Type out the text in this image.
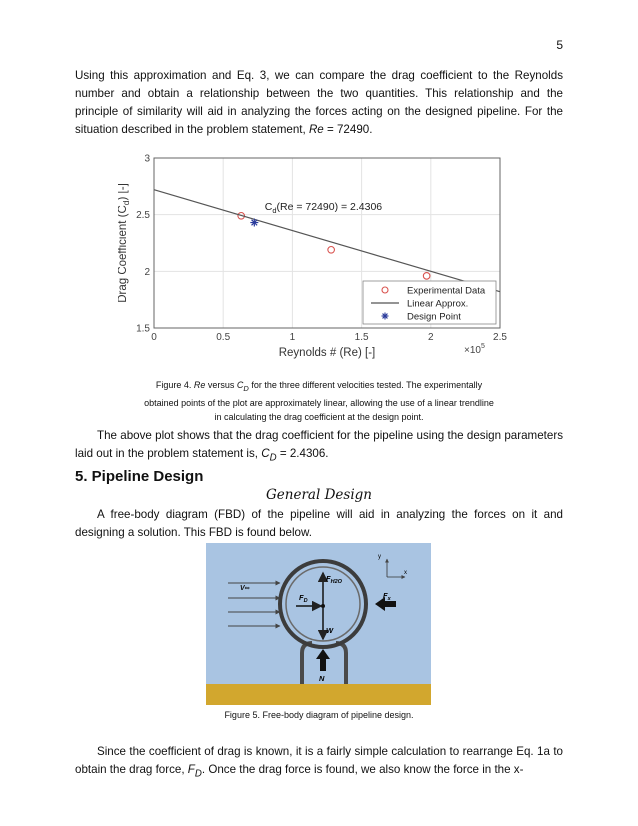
5
Using this approximation and Eq. 3, we can compare the drag coefficient to the Reynolds number and obtain a relationship between the two quantities. This relationship and the principle of similarity will aid in analyzing the forces acting on the designed pipeline. For the situation described in the problem statement, Re = 72490.
0	0.5	1	1.5	2	2.5
1.5
2
2.5
3
$\times 10^5$
$C_d(Re = 72490) = 2.4306$
Experimental Data
Linear Approx.
Design Point
Reynolds # (Re) [-]
Drag Coefficient $(C_d)$ [-]
Figure 4. Re versus $C_D$ for the three different velocities tested. The experimentally obtained points of the plot are approximately linear, allowing the use of a linear trendline in calculating the drag coefficient at the design point.
The above plot shows that the drag coefficient for the pipeline using the design parameters laid out in the problem statement is, $C_D = 2.4306$.
5. Pipeline Design
General Design
A free-body diagram (FBD) of the pipeline will aid in analyzing the forces on it and designing a solution. This FBD is found below.
V∞
$F_{H2O}$
$F_D$
W
$F_x$
N
y
x
Figure 5. Free-body diagram of pipeline design.
Since the coefficient of drag is known, it is a fairly simple calculation to rearrange Eq. 1a to obtain the drag force, $F_D$. Once the drag force is found, we also know the force in the x-
